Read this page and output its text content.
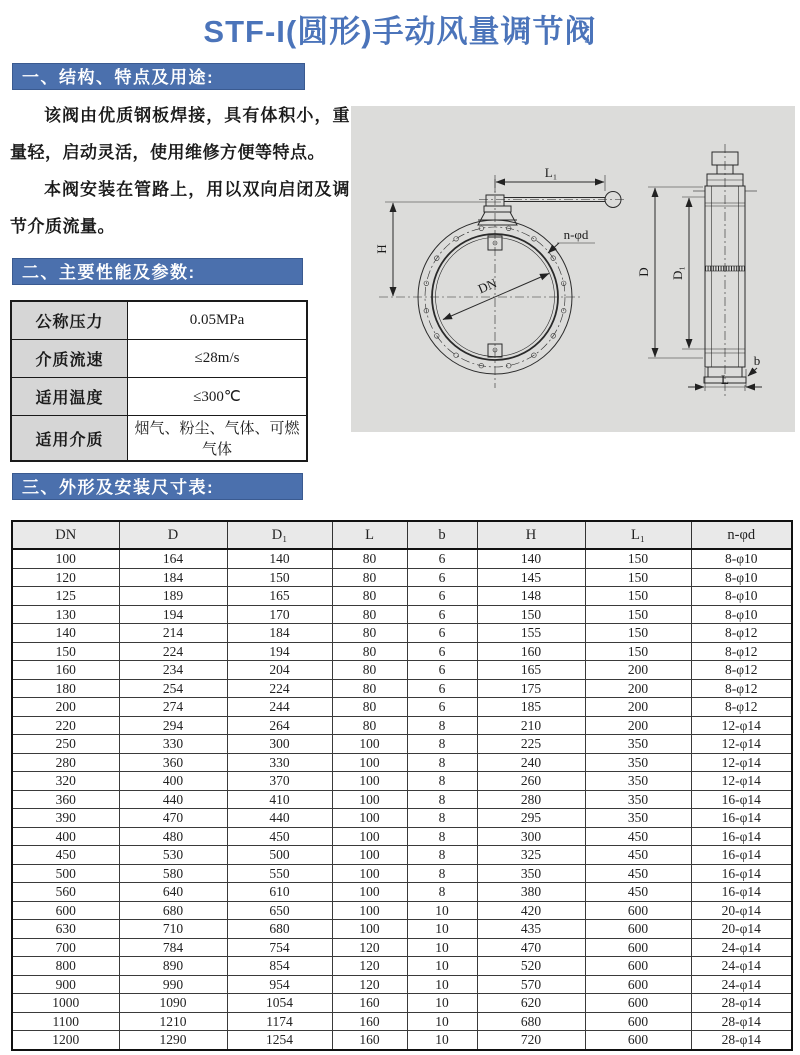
STF-I(圆形)手动风量调节阀
一、结构、特点及用途:

该阀由优质钢板焊接，具有体积小，重量轻，启动灵活，使用维修方便等特点。

本阀安装在管路上，用以双向启闭及调节介质流量。

二、主要性能及参数:
公称压力	0.05MPa
介质流速	≤28m/s
适用温度	≤300℃
适用介质	烟气、粉尘、气体、可燃气体
H
L₁
n-φd
DN
D D₁
b
L
三、外形及安装尺寸表:
DN	D	D₁	L	b	H	L₁	n-φd
100	164	140	80	6	140	150	8-φ10
120	184	150	80	6	145	150	8-φ10
125	189	165	80	6	148	150	8-φ10
130	194	170	80	6	150	150	8-φ10
140	214	184	80	6	155	150	8-φ12
150	224	194	80	6	160	150	8-φ12
160	234	204	80	6	165	200	8-φ12
180	254	224	80	6	175	200	8-φ12
200	274	244	80	6	185	200	8-φ12
220	294	264	80	8	210	200	12-φ14
250	330	300	100	8	225	350	12-φ14
280	360	330	100	8	240	350	12-φ14
320	400	370	100	8	260	350	12-φ14
360	440	410	100	8	280	350	16-φ14
390	470	440	100	8	295	350	16-φ14
400	480	450	100	8	300	450	16-φ14
450	530	500	100	8	325	450	16-φ14
500	580	550	100	8	350	450	16-φ14
560	640	610	100	8	380	450	16-φ14
600	680	650	100	10	420	600	20-φ14
630	710	680	100	10	435	600	20-φ14
700	784	754	120	10	470	600	24-φ14
800	890	854	120	10	520	600	24-φ14
900	990	954	120	10	570	600	24-φ14
1000	1090	1054	160	10	620	600	28-φ14
1100	1210	1174	160	10	680	600	28-φ14
1200	1290	1254	160	10	720	600	28-φ14
